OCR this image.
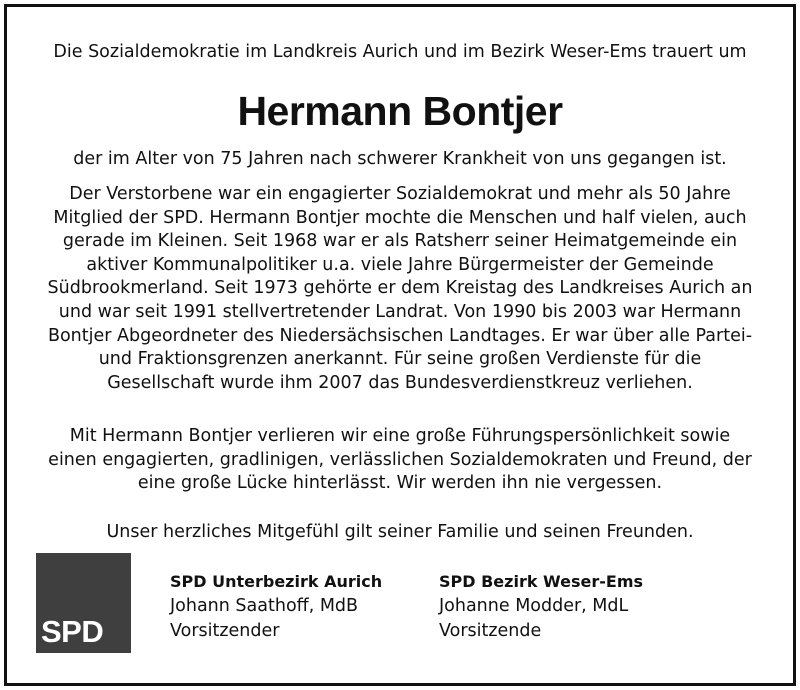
Die Sozialdemokratie im Landkreis Aurich und im Bezirk Weser-Ems trauert um
Hermann Bontjer
der im Alter von 75 Jahren nach schwerer Krankheit von uns gegangen ist.
Der Verstorbene war ein engagierter Sozialdemokrat und mehr als 50 Jahre
Mitglied der SPD. Hermann Bontjer mochte die Menschen und half vielen, auch
gerade im Kleinen. Seit 1968 war er als Ratsherr seiner Heimatgemeinde ein
aktiver Kommunalpolitiker u.a. viele Jahre Bürgermeister der Gemeinde
Südbrookmerland. Seit 1973 gehörte er dem Kreistag des Landkreises Aurich an
und war seit 1991 stellvertretender Landrat. Von 1990 bis 2003 war Hermann
Bontjer Abgeordneter des Niedersächsischen Landtages. Er war über alle Partei-
und Fraktionsgrenzen anerkannt. Für seine großen Verdienste für die
Gesellschaft wurde ihm 2007 das Bundesverdienstkreuz verliehen.
Mit Hermann Bontjer verlieren wir eine große Führungspersönlichkeit sowie
einen engagierten, gradlinigen, verlässlichen Sozialdemokraten und Freund, der
eine große Lücke hinterlässt. Wir werden ihn nie vergessen.
Unser herzliches Mitgefühl gilt seiner Familie und seinen Freunden.
SPD
SPD Unterbezirk Aurich
Johann Saathoff, MdB
Vorsitzender
SPD Bezirk Weser-Ems
Johanne Modder, MdL
Vorsitzende
